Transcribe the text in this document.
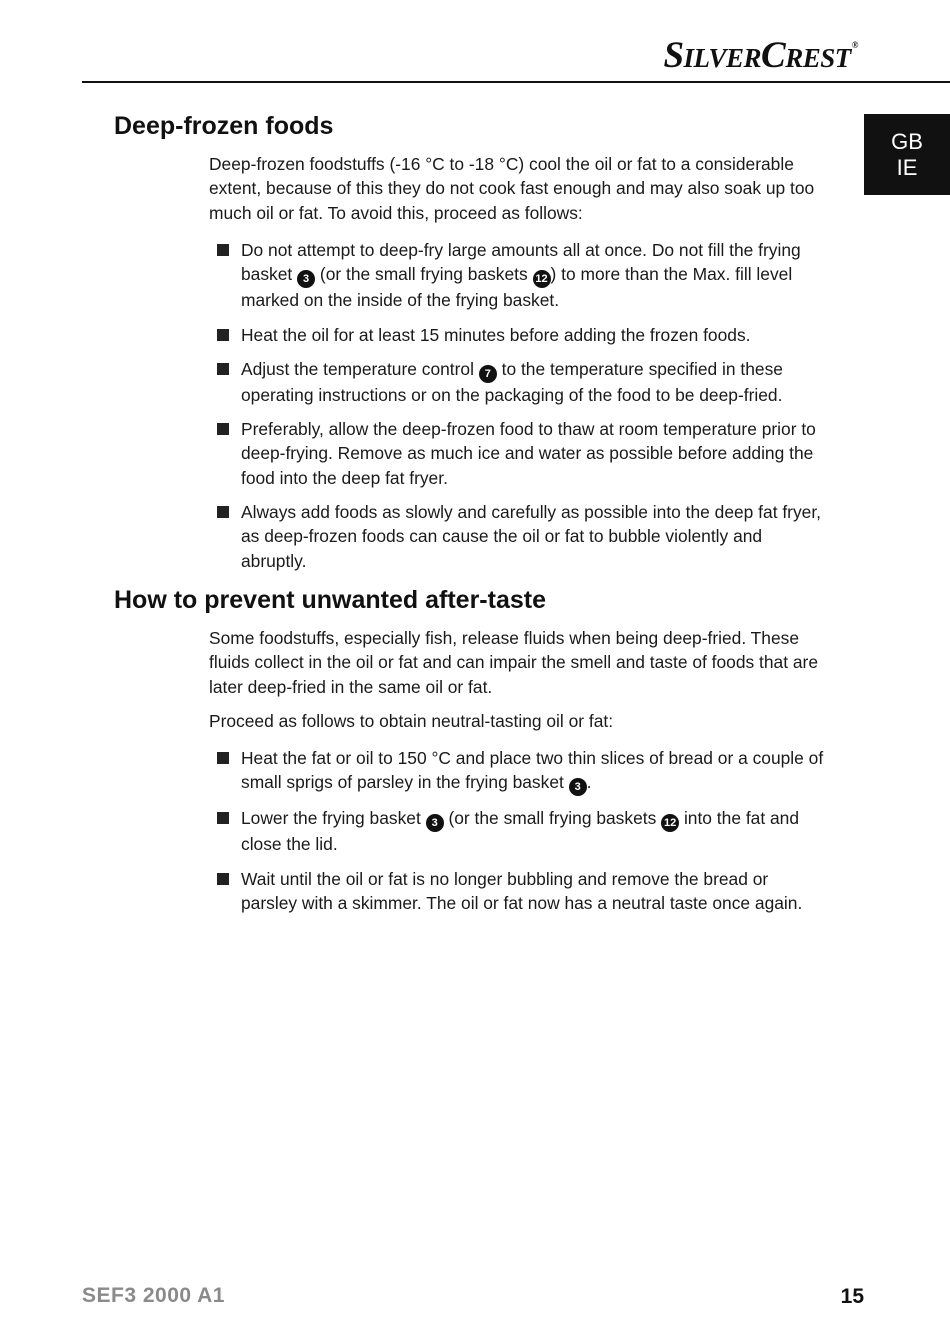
SILVERCREST®
GB
IE
Deep-frozen foods

Deep-frozen foodstuffs (-16 °C to -18 °C) cool the oil or fat to a considerable extent, because of this they do not cook fast enough and may also soak up too much oil or fat. To avoid this, proceed as follows:

Do not attempt to deep-fry large amounts all at once. Do not fill the frying basket 3 (or the small frying baskets 12 ) to more than the Max. fill level marked on the inside of the frying basket.
Heat the oil for at least 15 minutes before adding the frozen foods.
Adjust the temperature control 7 to the temperature specified in these operating instructions or on the packaging of the food to be deep-fried.
Preferably, allow the deep-frozen food to thaw at room temperature prior to deep-frying. Remove as much ice and water as possible before adding the food into the deep fat fryer.
Always add foods as slowly and carefully as possible into the deep fat fryer, as deep-frozen foods can cause the oil or fat to bubble violently and abruptly.
How to prevent unwanted after-taste

Some foodstuffs, especially fish, release fluids when being deep-fried. These fluids collect in the oil or fat and can impair the smell and taste of foods that are later deep-fried in the same oil or fat.

Proceed as follows to obtain neutral-tasting oil or fat:

Heat the fat or oil to 150 °C and place two thin slices of bread or a couple of small sprigs of parsley in the frying basket 3 .
Lower the frying basket 3 (or the small frying baskets 12 into the fat and close the lid.
Wait until the oil or fat is no longer bubbling and remove the bread or parsley with a skimmer. The oil or fat now has a neutral taste once again.
SEF3 2000 A1	15
